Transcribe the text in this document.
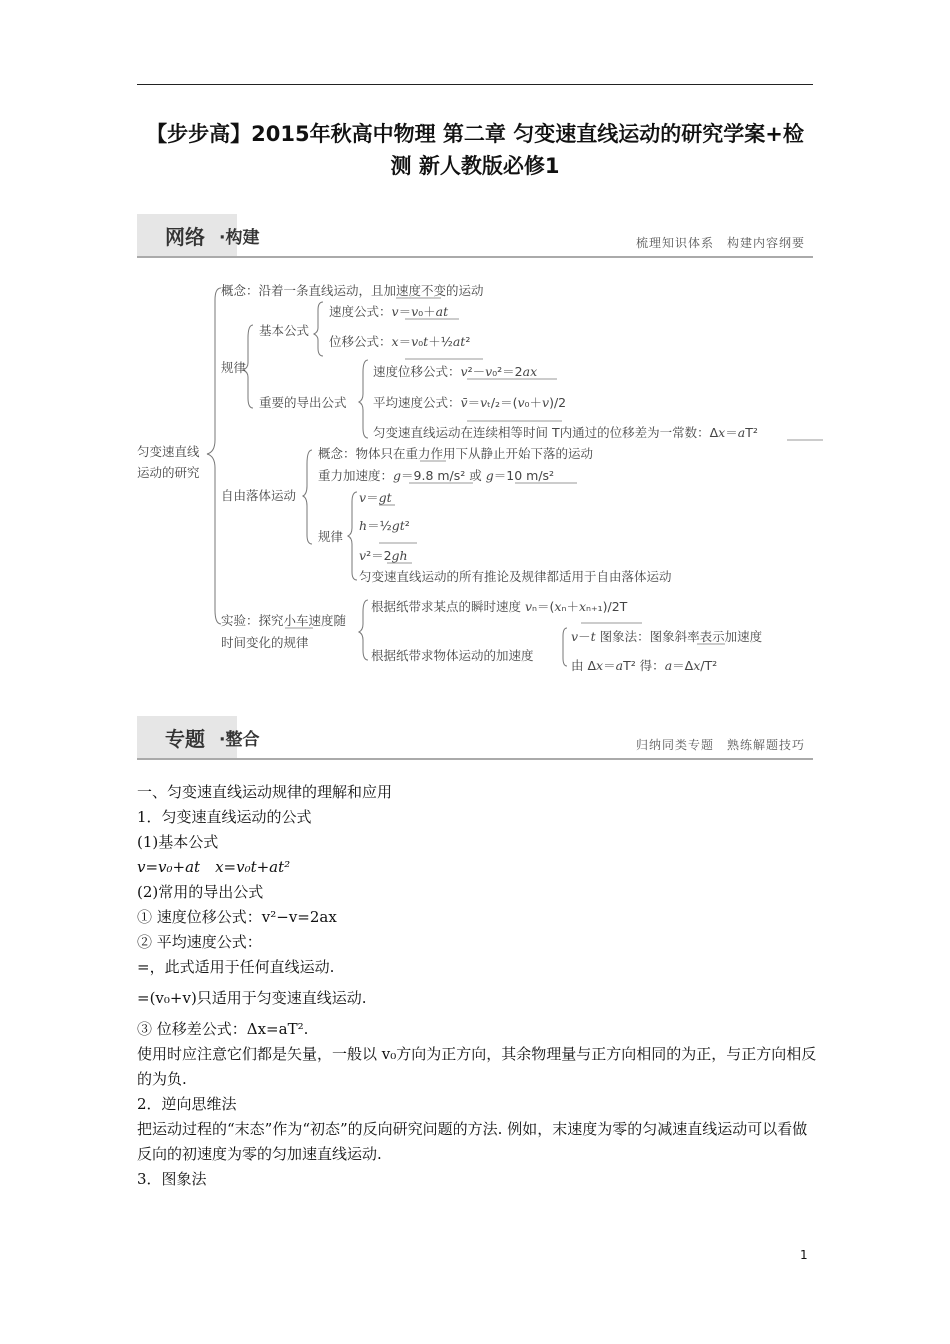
【步步高】2015年秋高中物理 第二章 匀变速直线运动的研究学案+检
测 新人教版必修1
网络 ·构建	梳理知识体系　构建内容纲要
匀变速直线
运动的研究
概念：沿着一条直线运动，且加速度不变的运动
规律
基本公式
速度公式：v＝v₀＋at
位移公式：x＝v₀t＋½at²
重要的导出公式
速度位移公式：v²－v₀²＝2ax
平均速度公式：v̄＝vₜ/₂＝(v₀＋v)/2
匀变速直线运动在连续相等时间 T内通过的位移差为一常数：Δx＝aT²
自由落体运动
概念：物体只在重力作用下从静止开始下落的运动
重力加速度：g＝9.8 m/s² 或 g＝10 m/s²
规律
v＝gt
h＝½gt²
v²＝2gh
匀变速直线运动的所有推论及规律都适用于自由落体运动
实验：探究小车速度随
时间变化的规律
根据纸带求某点的瞬时速度 vₙ＝(xₙ＋xₙ₊₁)/2T
根据纸带求物体运动的加速度
v－t 图象法：图象斜率表示加速度
由 Δx＝aT² 得：a＝Δx/T²
专题 ·整合	归纳同类专题　熟练解题技巧

一、匀变速直线运动规律的理解和应用

1．匀变速直线运动的公式

(1)基本公式

v=v₀+at　x=v₀t+at²

(2)常用的导出公式

① 速度位移公式：v²−v=2ax

② 平均速度公式：

=，此式适用于任何直线运动.

=(v₀+v)只适用于匀变速直线运动.

③ 位移差公式：Δx=aT².

使用时应注意它们都是矢量，一般以 v₀方向为正方向，其余物理量与正方向相同的为正，与正方向相反的为负.

2．逆向思维法

把运动过程的“末态”作为“初态”的反向研究问题的方法. 例如，末速度为零的匀减速直线运动可以看做反向的初速度为零的匀加速直线运动.

3．图象法

1
